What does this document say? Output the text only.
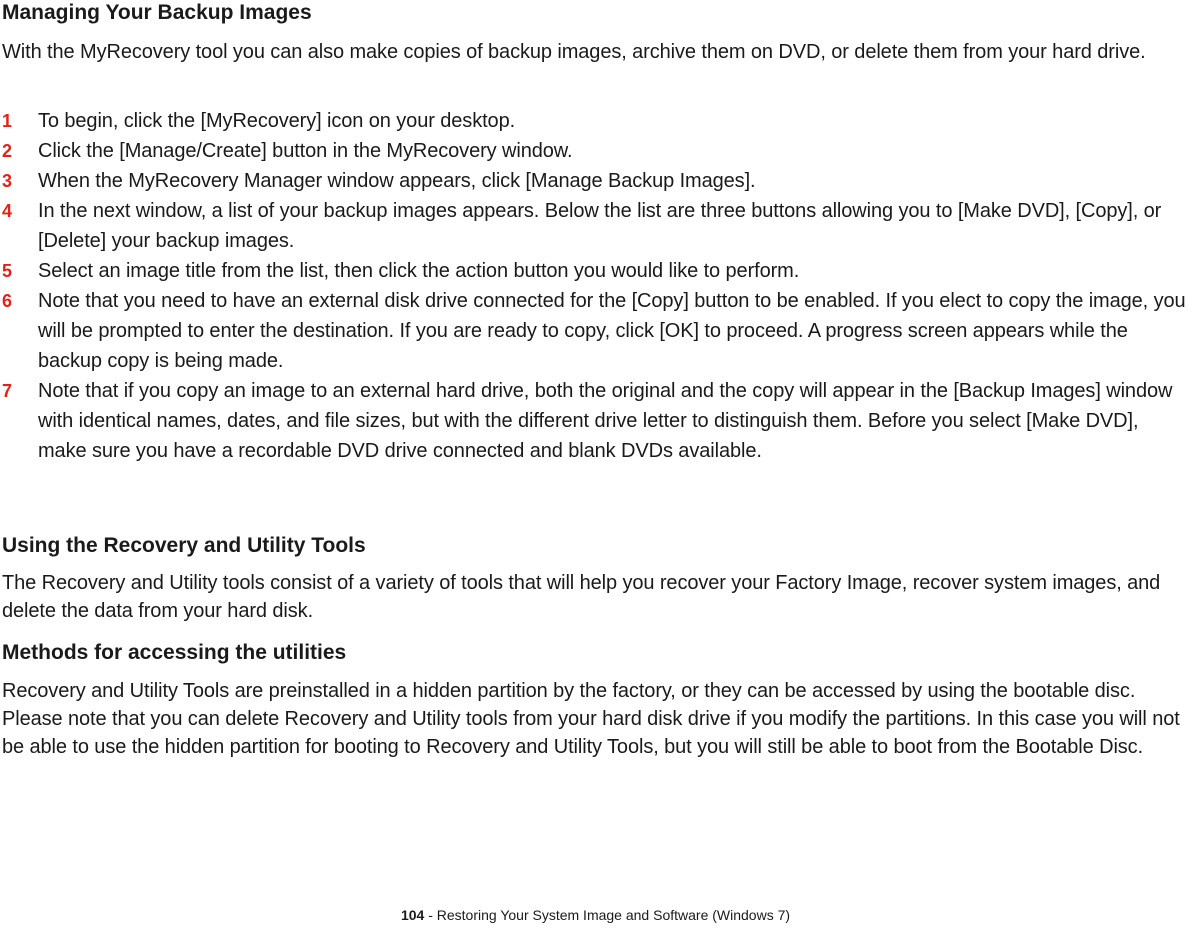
Managing Your Backup Images

With the MyRecovery tool you can also make copies of backup images, archive them on DVD, or delete them from your hard drive.

1	To begin, click the [MyRecovery] icon on your desktop.
2	Click the [Manage/Create] button in the MyRecovery window.
3	When the MyRecovery Manager window appears, click [Manage Backup Images].
4	In the next window, a list of your backup images appears. Below the list are three buttons allowing you to [Make DVD], [Copy], or [Delete] your backup images.
5	Select an image title from the list, then click the action button you would like to perform.
6	Note that you need to have an external disk drive connected for the [Copy] button to be enabled. If you elect to copy the image, you will be prompted to enter the destination. If you are ready to copy, click [OK] to proceed. A progress screen appears while the backup copy is being made.
7	Note that if you copy an image to an external hard drive, both the original and the copy will appear in the [Backup Images] window with identical names, dates, and file sizes, but with the different drive letter to distinguish them. Before you select [Make DVD], make sure you have a recordable DVD drive connected and blank DVDs available.
Using the Recovery and Utility Tools

The Recovery and Utility tools consist of a variety of tools that will help you recover your Factory Image, recover system images, and delete the data from your hard disk.

Methods for accessing the utilities

Recovery and Utility Tools are preinstalled in a hidden partition by the factory, or they can be accessed by using the bootable disc. Please note that you can delete Recovery and Utility tools from your hard disk drive if you modify the partitions. In this case you will not be able to use the hidden partition for booting to Recovery and Utility Tools, but you will still be able to boot from the Bootable Disc.

104 - Restoring Your System Image and Software (Windows 7)
